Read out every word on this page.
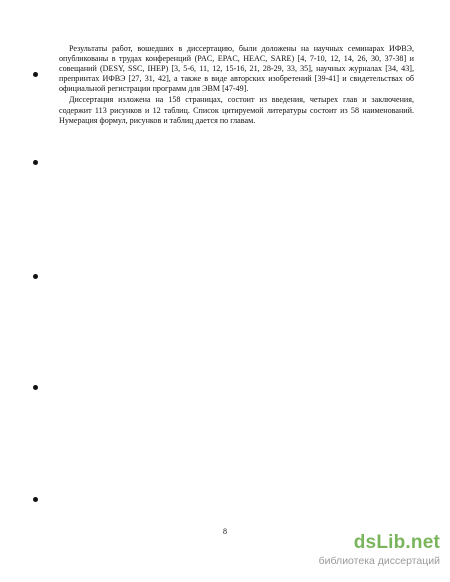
Результаты работ, вошедших в диссертацию, были доложены на научных семинарах ИФВЭ, опубликованы в трудах конференций (PAC, EPAC, HEAC, SARE) [4, 7-10, 12, 14, 26, 30, 37-38] и совещаний (DESY, SSC, IHEP) [3, 5-6, 11, 12, 15-16, 21, 28-29, 33, 35], научных журналах [34, 43], препринтах ИФВЭ [27, 31, 42], а также в виде авторских изобретений [39-41] и свидетельствах об официальной регистрации программ для ЭВМ [47-49].

Диссертация изложена на 158 страницах, состоит из введения, четырех глав и заключения, содержит 113 рисунков и 12 таблиц. Список цитируемой литературы состоит из 58 наименований. Нумерация формул, рисунков и таблиц дается по главам.

8
dsLib.net
библиотека диссертаций
